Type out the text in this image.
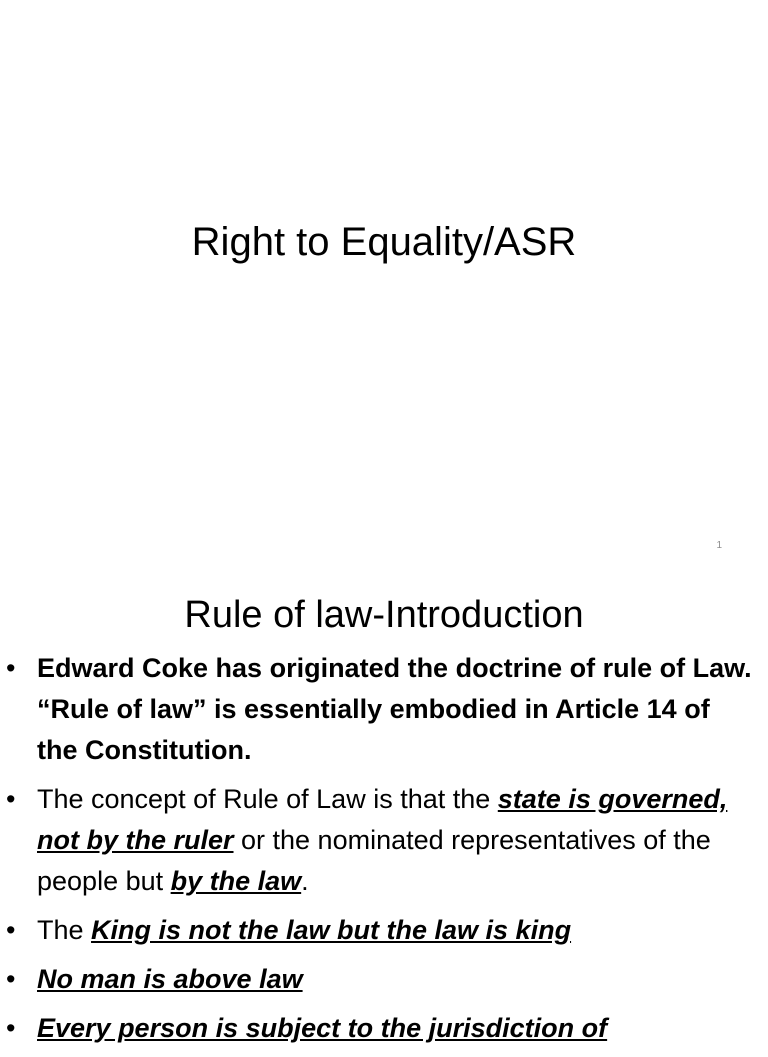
Right to Equality/ASR
1
Rule of law-Introduction
• Edward Coke has originated the doctrine of rule of Law. “Rule of law” is essentially embodied in Article 14 of the Constitution.
• The concept of Rule of Law is that the state is governed, not by the ruler or the nominated representatives of the people but by the law.
• The King is not the law but the law is king
• No man is above law
• Every person is subject to the jurisdiction of
